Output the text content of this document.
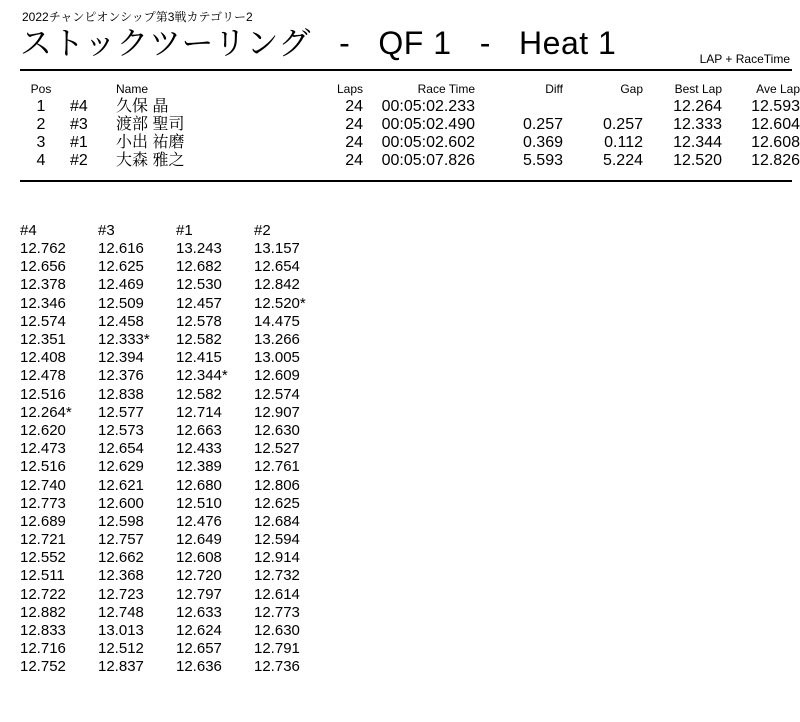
2022チャンピオンシップ第3戦カテゴリー2
ストックツーリング - QF 1 - Heat 1	LAP + RaceTime
Pos		Name	Laps	Race Time	Diff	Gap	Best Lap	Ave Lap
1	#4	久保 晶	24	00:05:02.233			12.264	12.593
2	#3	渡部 聖司	24	00:05:02.490	0.257	0.257	12.333	12.604
3	#1	小出 祐磨	24	00:05:02.602	0.369	0.112	12.344	12.608
4	#2	大森 雅之	24	00:05:07.826	5.593	5.224	12.520	12.826
#4	#3	#1	#2
12.762	12.616	13.243	13.157
12.656	12.625	12.682	12.654
12.378	12.469	12.530	12.842
12.346	12.509	12.457	12.520*
12.574	12.458	12.578	14.475
12.351	12.333*	12.582	13.266
12.408	12.394	12.415	13.005
12.478	12.376	12.344*	12.609
12.516	12.838	12.582	12.574
12.264*	12.577	12.714	12.907
12.620	12.573	12.663	12.630
12.473	12.654	12.433	12.527
12.516	12.629	12.389	12.761
12.740	12.621	12.680	12.806
12.773	12.600	12.510	12.625
12.689	12.598	12.476	12.684
12.721	12.757	12.649	12.594
12.552	12.662	12.608	12.914
12.511	12.368	12.720	12.732
12.722	12.723	12.797	12.614
12.882	12.748	12.633	12.773
12.833	13.013	12.624	12.630
12.716	12.512	12.657	12.791
12.752	12.837	12.636	12.736
